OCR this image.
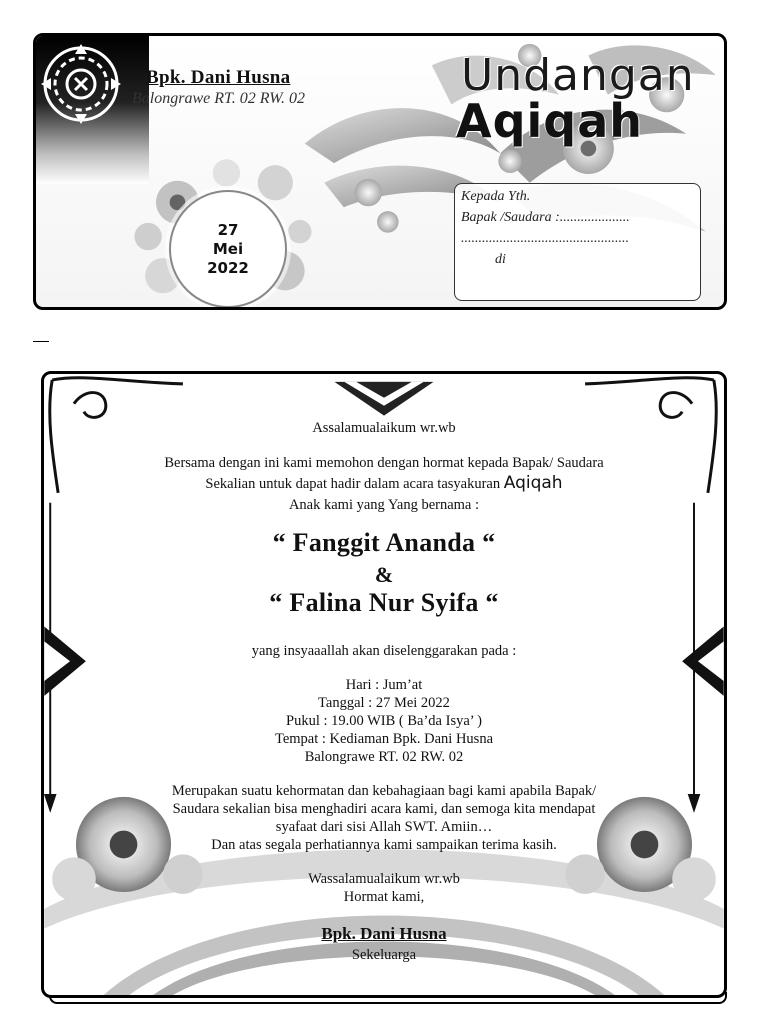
Bpk. Dani Husna
Balongrawe RT. 02 RW. 02	Undangan
Aqiqah
27
Mei
2022
Kepada Yth.
Bapak /Saudara :....................
................................................
di
Assalamualaikum wr.wb
Bersama dengan ini kami memohon dengan hormat kepada Bapak/ Saudara
Sekalian untuk dapat hadir dalam acara tasyakuran Aqiqah
Anak kami yang Yang bernama :
“ Fanggit Ananda “
&
“ Falina Nur Syifa “
yang insyaaallah akan diselenggarakan pada :
Hari : Jum’at
Tanggal : 27 Mei 2022
Pukul : 19.00 WIB ( Ba’da Isya’ )
Tempat : Kediaman Bpk. Dani Husna
Balongrawe RT. 02 RW. 02
Merupakan suatu kehormatan dan kebahagiaan bagi kami apabila Bapak/
Saudara sekalian bisa menghadiri acara kami, dan semoga kita mendapat
syafaat dari sisi Allah SWT. Amiin…
Dan atas segala perhatiannya kami sampaikan terima kasih.
Wassalamualaikum wr.wb
Hormat kami,
Bpk. Dani Husna
Sekeluarga
